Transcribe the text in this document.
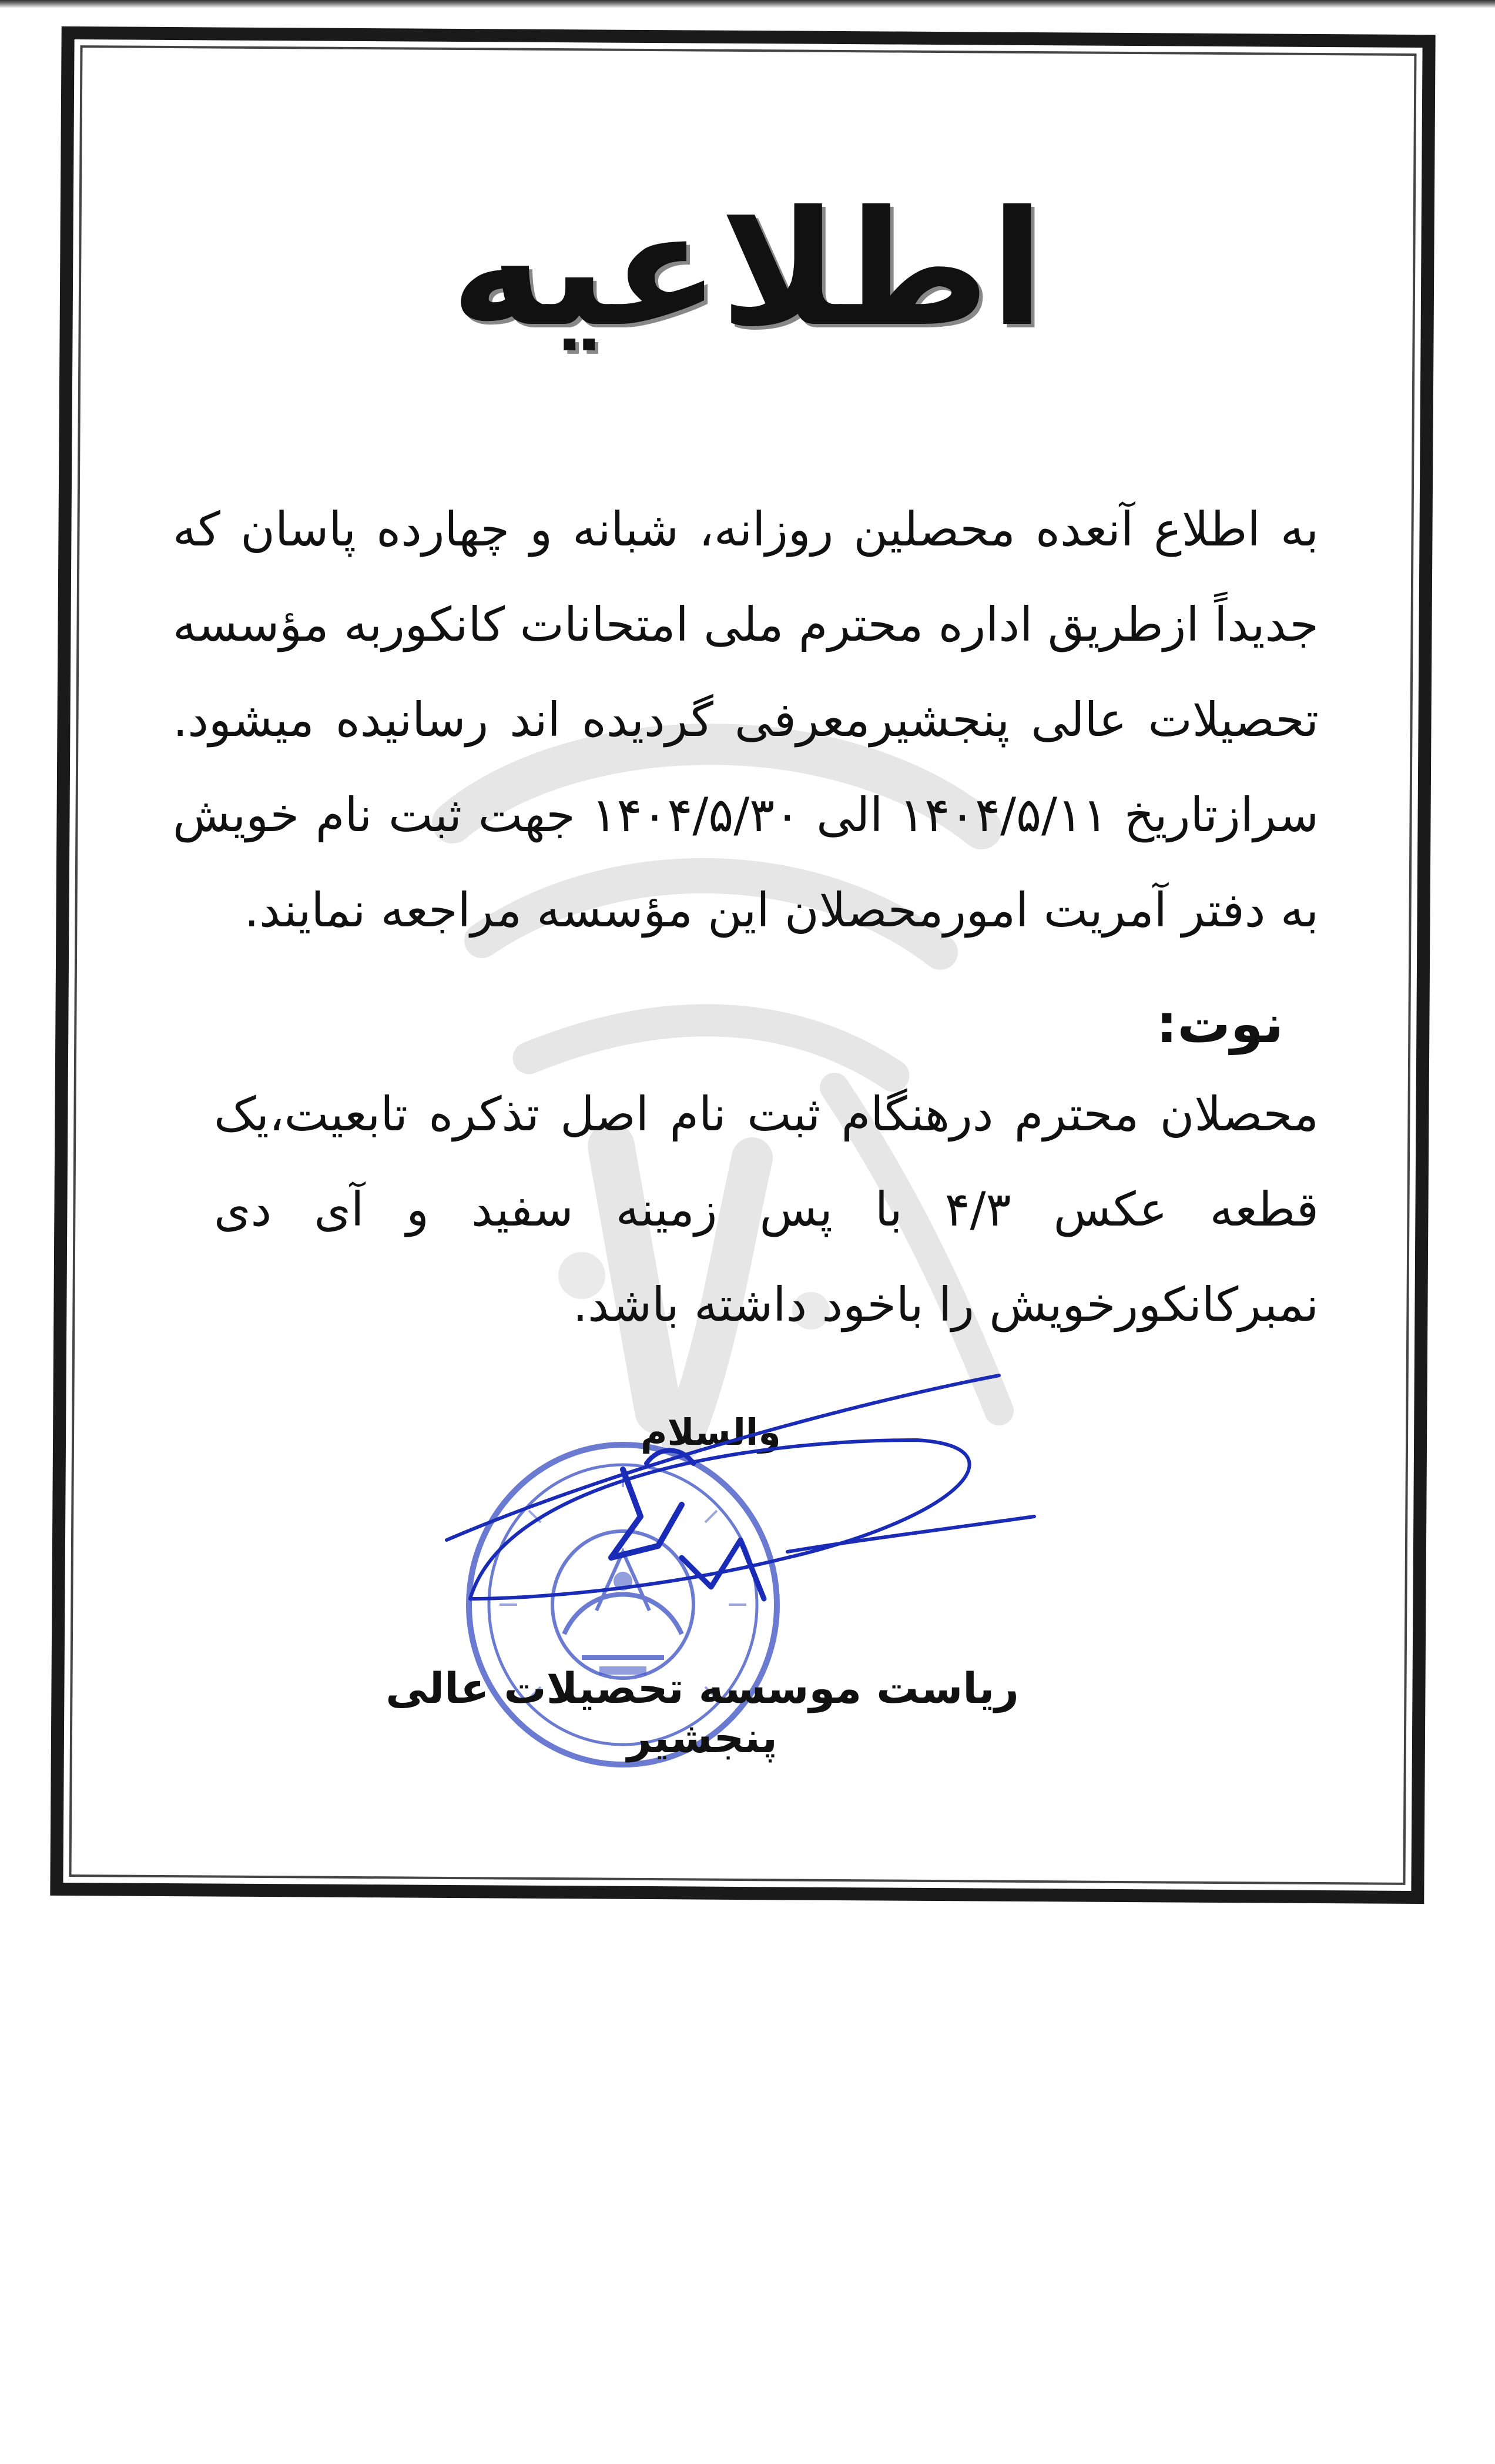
اطلاعیه
به اطلاع آنعده محصلین روزانه، شبانه و چهارده پاسان که جدیداً ازطریق اداره محترم ملی امتحانات کانکوربه مؤسسه تحصیلات عالی پنجشیرمعرفی گردیده اند رسانیده میشود. سرازتاریخ ۱۴۰۴/۵/۱۱ الی ۱۴۰۴/۵/۳۰ جهت ثبت نام خویش به دفتر آمریت امورمحصلان این مؤسسه مراجعه نمایند.
نوت:
محصلان محترم درهنگام ثبت نام اصل تذکره تابعیت،یک قطعه عکس ۴/۳ با پس زمینه سفید و آی دی نمبرکانکورخویش را باخود داشته باشد.
والسلام
ریاست موسسه تحصیلات عالی پنجشیر
